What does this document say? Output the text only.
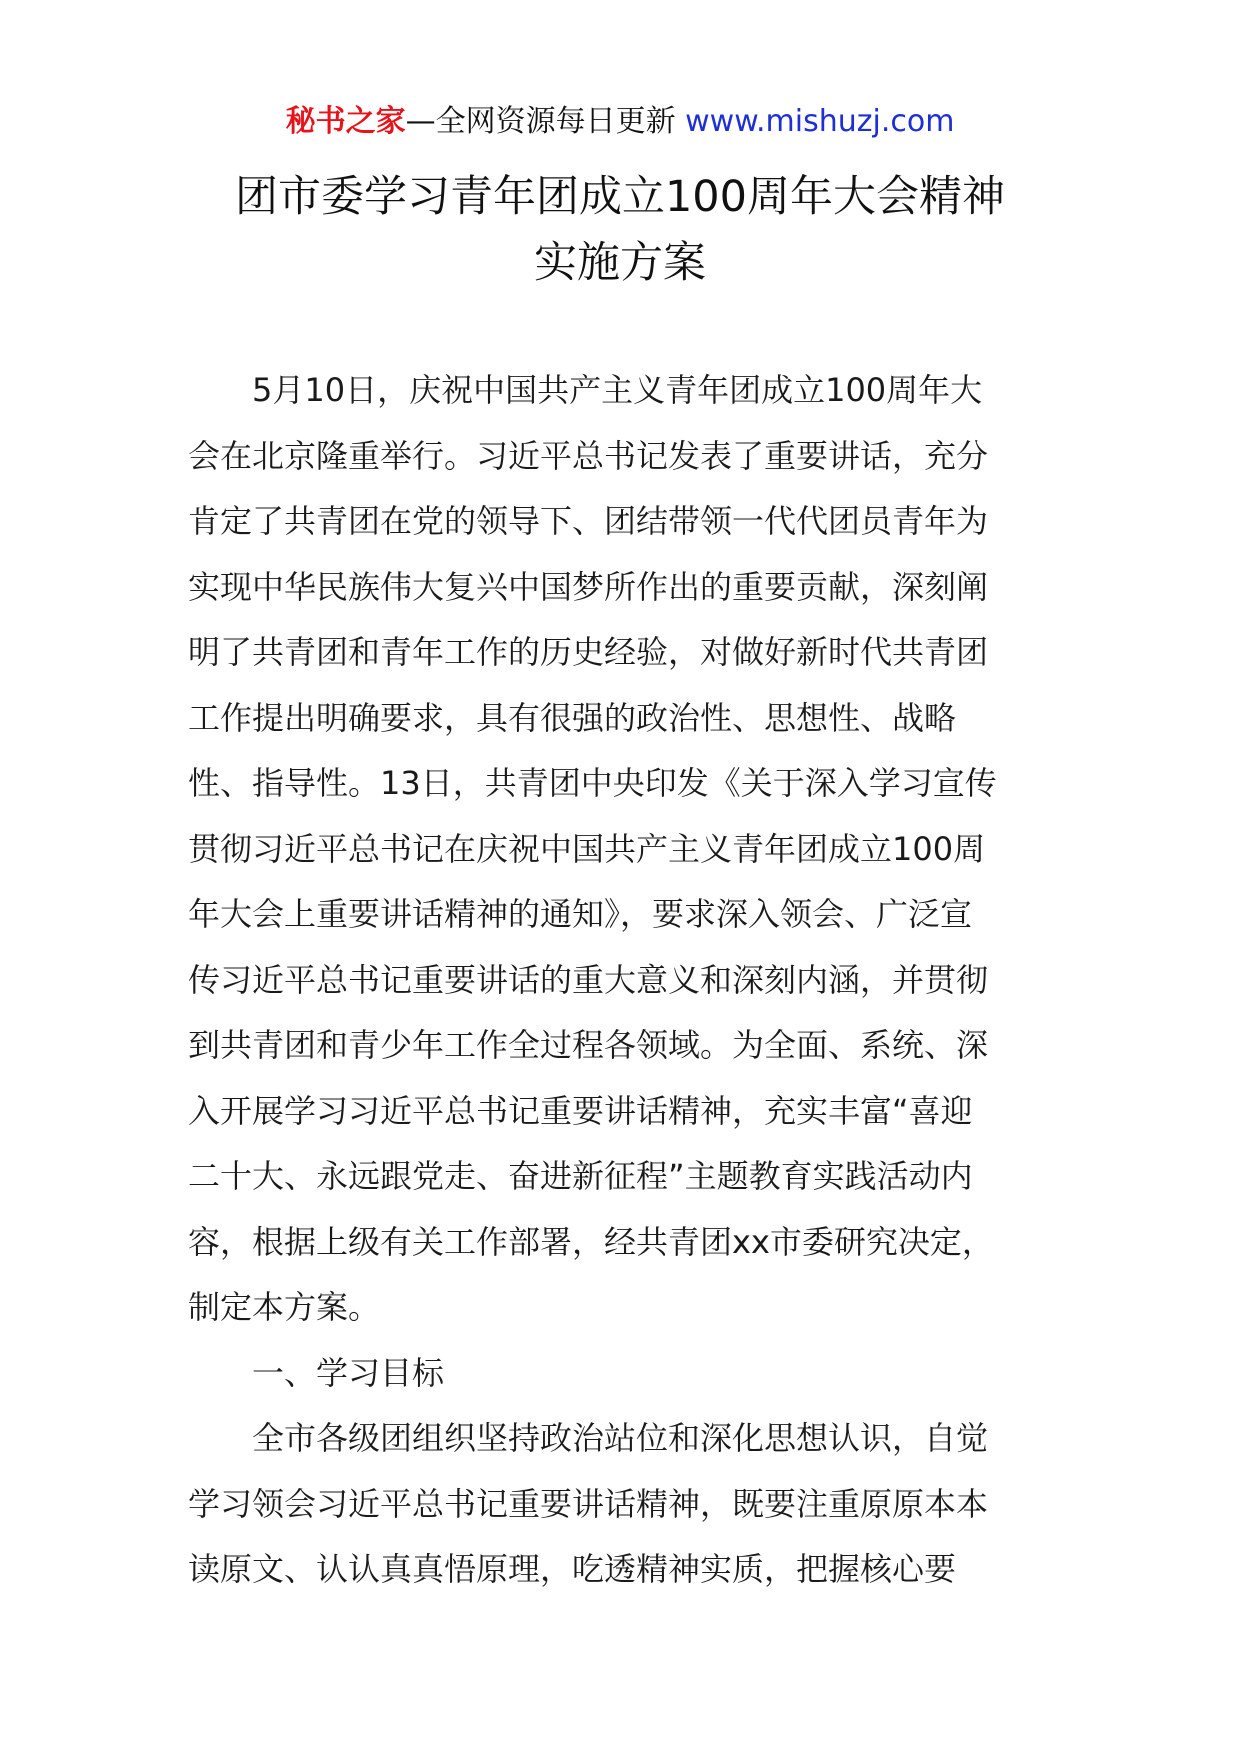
秘书之家—全网资源每日更新 www.mishuzj.com
团市委学习青年团成立100周年大会精神
实施方案
5月10日，庆祝中国共产主义青年团成立100周年大
会在北京隆重举行。习近平总书记发表了重要讲话，充分
肯定了共青团在党的领导下、团结带领一代代团员青年为
实现中华民族伟大复兴中国梦所作出的重要贡献，深刻阐
明了共青团和青年工作的历史经验，对做好新时代共青团
工作提出明确要求，具有很强的政治性、思想性、战略
性、指导性。13日，共青团中央印发《关于深入学习宣传
贯彻习近平总书记在庆祝中国共产主义青年团成立100周
年大会上重要讲话精神的通知》，要求深入领会、广泛宣
传习近平总书记重要讲话的重大意义和深刻内涵，并贯彻
到共青团和青少年工作全过程各领域。为全面、系统、深
入开展学习习近平总书记重要讲话精神，充实丰富“喜迎
二十大、永远跟党走、奋进新征程”主题教育实践活动内
容，根据上级有关工作部署，经共青团xx市委研究决定，
制定本方案。
一、学习目标
全市各级团组织坚持政治站位和深化思想认识，自觉
学习领会习近平总书记重要讲话精神，既要注重原原本本
读原文、认认真真悟原理，吃透精神实质，把握核心要
